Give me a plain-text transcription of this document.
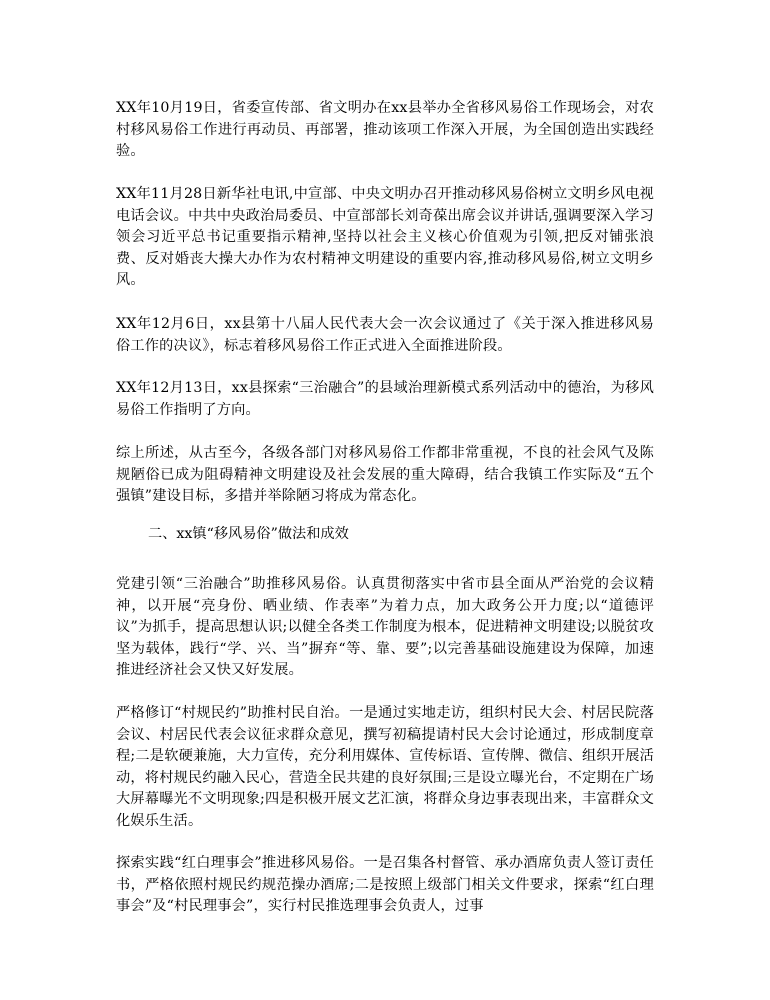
XX年10月19日，省委宣传部、省文明办在xx县举办全省移风易俗工作现场会，对农村移风易俗工作进行再动员、再部署，推动该项工作深入开展，为全国创造出实践经验。

XX年11月28日新华社电讯,中宣部、中央文明办召开推动移风易俗树立文明乡风电视电话会议。中共中央政治局委员、中宣部部长刘奇葆出席会议并讲话,强调要深入学习领会习近平总书记重要指示精神,坚持以社会主义核心价值观为引领,把反对铺张浪费、反对婚丧大操大办作为农村精神文明建设的重要内容,推动移风易俗,树立文明乡风。

XX年12月6日，xx县第十八届人民代表大会一次会议通过了《关于深入推进移风易俗工作的决议》，标志着移风易俗工作正式进入全面推进阶段。

XX年12月13日，xx县探索“三治融合”的县域治理新模式系列活动中的德治，为移风易俗工作指明了方向。

综上所述，从古至今，各级各部门对移风易俗工作都非常重视，不良的社会风气及陈规陋俗已成为阻碍精神文明建设及社会发展的重大障碍，结合我镇工作实际及“五个强镇”建设目标，多措并举除陋习将成为常态化。

二、xx镇“移风易俗”做法和成效

党建引领“三治融合”助推移风易俗。认真贯彻落实中省市县全面从严治党的会议精神，以开展“亮身份、晒业绩、作表率”为着力点，加大政务公开力度;以“道德评议”为抓手，提高思想认识;以健全各类工作制度为根本，促进精神文明建设;以脱贫攻坚为载体，践行“学、兴、当”摒弃“等、靠、要”;以完善基础设施建设为保障，加速推进经济社会又快又好发展。

严格修订“村规民约”助推村民自治。一是通过实地走访，组织村民大会、村居民院落会议、村居民代表会议征求群众意见，撰写初稿提请村民大会讨论通过，形成制度章程;二是软硬兼施，大力宣传，充分利用媒体、宣传标语、宣传牌、微信、组织开展活动，将村规民约融入民心，营造全民共建的良好氛围;三是设立曝光台，不定期在广场大屏幕曝光不文明现象;四是积极开展文艺汇演，将群众身边事表现出来，丰富群众文化娱乐生活。

探索实践“红白理事会”推进移风易俗。一是召集各村督管、承办酒席负责人签订责任书，严格依照村规民约规范操办酒席;二是按照上级部门相关文件要求，探索“红白理事会”及“村民理事会”，实行村民推选理事会负责人，过事
